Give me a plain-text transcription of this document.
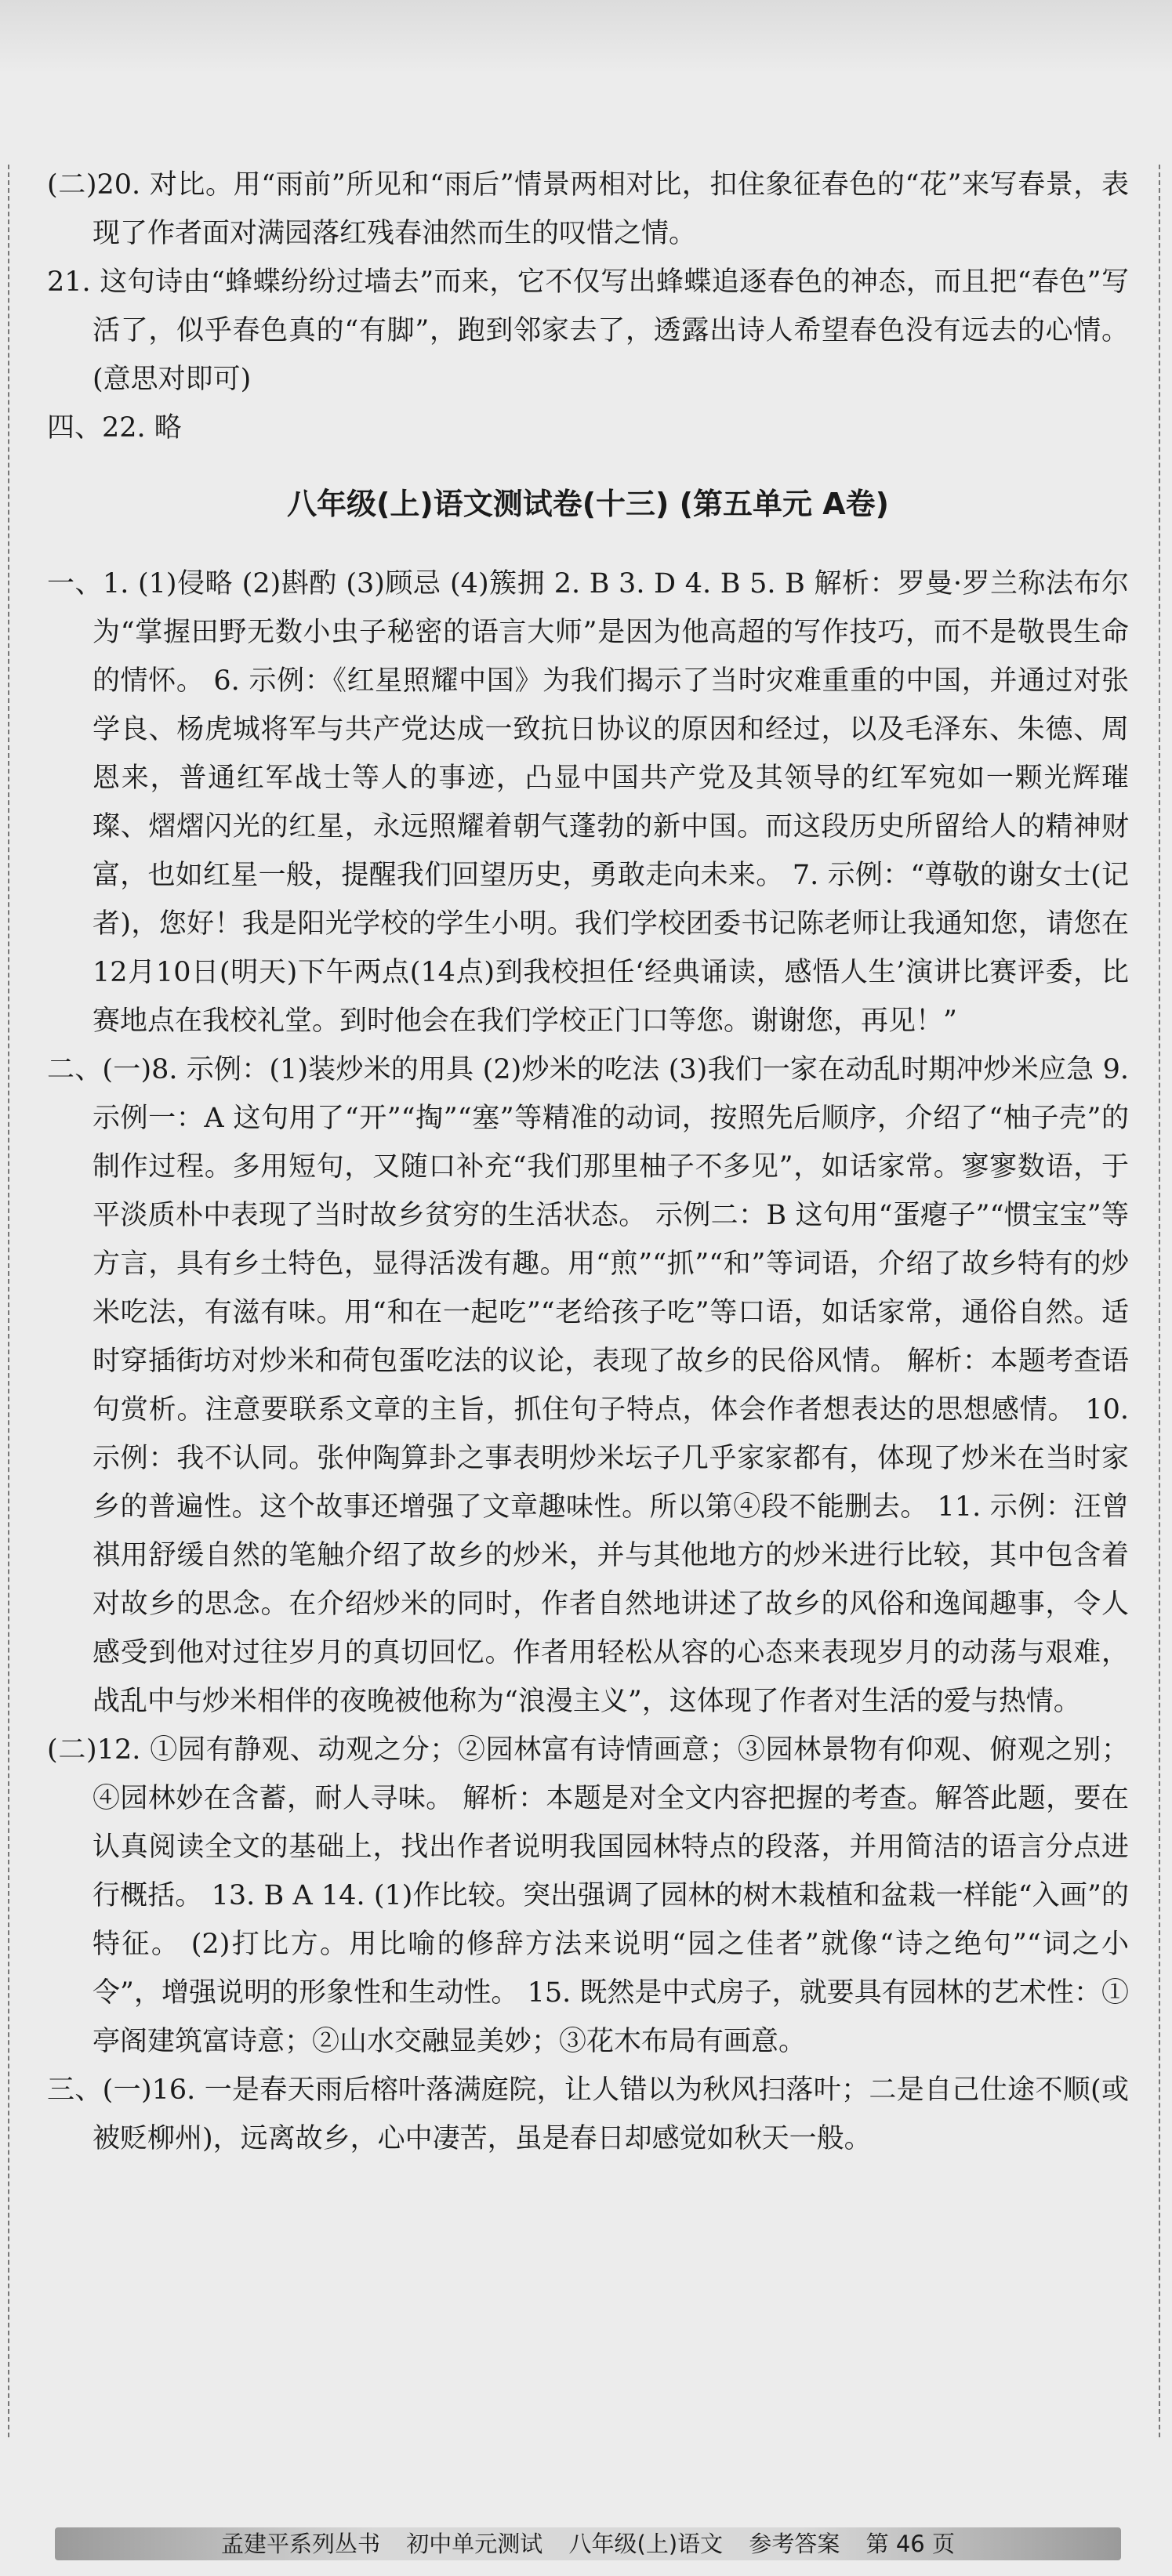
(二)20. 对比。用“雨前”所见和“雨后”情景两相对比，扣住象征春色的“花”来写春景，表现了作者面对满园落红残春油然而生的叹惜之情。

21. 这句诗由“蜂蝶纷纷过墙去”而来，它不仅写出蜂蝶追逐春色的神态，而且把“春色”写活了，似乎春色真的“有脚”，跑到邻家去了，透露出诗人希望春色没有远去的心情。(意思对即可)

四、22. 略

八年级(上)语文测试卷(十三) (第五单元 A卷)

一、1. (1)侵略 (2)斟酌 (3)顾忌 (4)簇拥 2. B 3. D 4. B 5. B 解析：罗曼·罗兰称法布尔为“掌握田野无数小虫子秘密的语言大师”是因为他高超的写作技巧，而不是敬畏生命的情怀。 6. 示例：《红星照耀中国》为我们揭示了当时灾难重重的中国，并通过对张学良、杨虎城将军与共产党达成一致抗日协议的原因和经过，以及毛泽东、朱德、周恩来，普通红军战士等人的事迹，凸显中国共产党及其领导的红军宛如一颗光辉璀璨、熠熠闪光的红星，永远照耀着朝气蓬勃的新中国。而这段历史所留给人的精神财富，也如红星一般，提醒我们回望历史，勇敢走向未来。 7. 示例：“尊敬的谢女士(记者)，您好！我是阳光学校的学生小明。我们学校团委书记陈老师让我通知您，请您在12月10日(明天)下午两点(14点)到我校担任‘经典诵读，感悟人生’演讲比赛评委，比赛地点在我校礼堂。到时他会在我们学校正门口等您。谢谢您，再见！”

二、(一)8. 示例：(1)装炒米的用具 (2)炒米的吃法 (3)我们一家在动乱时期冲炒米应急 9. 示例一：A 这句用了“开”“掏”“塞”等精准的动词，按照先后顺序，介绍了“柚子壳”的制作过程。多用短句，又随口补充“我们那里柚子不多见”，如话家常。寥寥数语，于平淡质朴中表现了当时故乡贫穷的生活状态。 示例二：B 这句用“蛋瘪子”“惯宝宝”等方言，具有乡土特色，显得活泼有趣。用“煎”“抓”“和”等词语，介绍了故乡特有的炒米吃法，有滋有味。用“和在一起吃”“老给孩子吃”等口语，如话家常，通俗自然。适时穿插街坊对炒米和荷包蛋吃法的议论，表现了故乡的民俗风情。 解析：本题考查语句赏析。注意要联系文章的主旨，抓住句子特点，体会作者想表达的思想感情。 10. 示例：我不认同。张仲陶算卦之事表明炒米坛子几乎家家都有，体现了炒米在当时家乡的普遍性。这个故事还增强了文章趣味性。所以第④段不能删去。 11. 示例：汪曾祺用舒缓自然的笔触介绍了故乡的炒米，并与其他地方的炒米进行比较，其中包含着对故乡的思念。在介绍炒米的同时，作者自然地讲述了故乡的风俗和逸闻趣事，令人感受到他对过往岁月的真切回忆。作者用轻松从容的心态来表现岁月的动荡与艰难，战乱中与炒米相伴的夜晚被他称为“浪漫主义”，这体现了作者对生活的爱与热情。

(二)12. ①园有静观、动观之分；②园林富有诗情画意；③园林景物有仰观、俯观之别；④园林妙在含蓄，耐人寻味。 解析：本题是对全文内容把握的考查。解答此题，要在认真阅读全文的基础上，找出作者说明我国园林特点的段落，并用简洁的语言分点进行概括。 13. B A 14. (1)作比较。突出强调了园林的树木栽植和盆栽一样能“入画”的特征。 (2)打比方。用比喻的修辞方法来说明“园之佳者”就像“诗之绝句”“词之小令”，增强说明的形象性和生动性。 15. 既然是中式房子，就要具有园林的艺术性：①亭阁建筑富诗意；②山水交融显美妙；③花木布局有画意。

三、(一)16. 一是春天雨后榕叶落满庭院，让人错以为秋风扫落叶；二是自己仕途不顺(或被贬柳州)，远离故乡，心中凄苦，虽是春日却感觉如秋天一般。

孟建平系列丛书 初中单元测试 八年级(上)语文 参考答案 第 46 页
